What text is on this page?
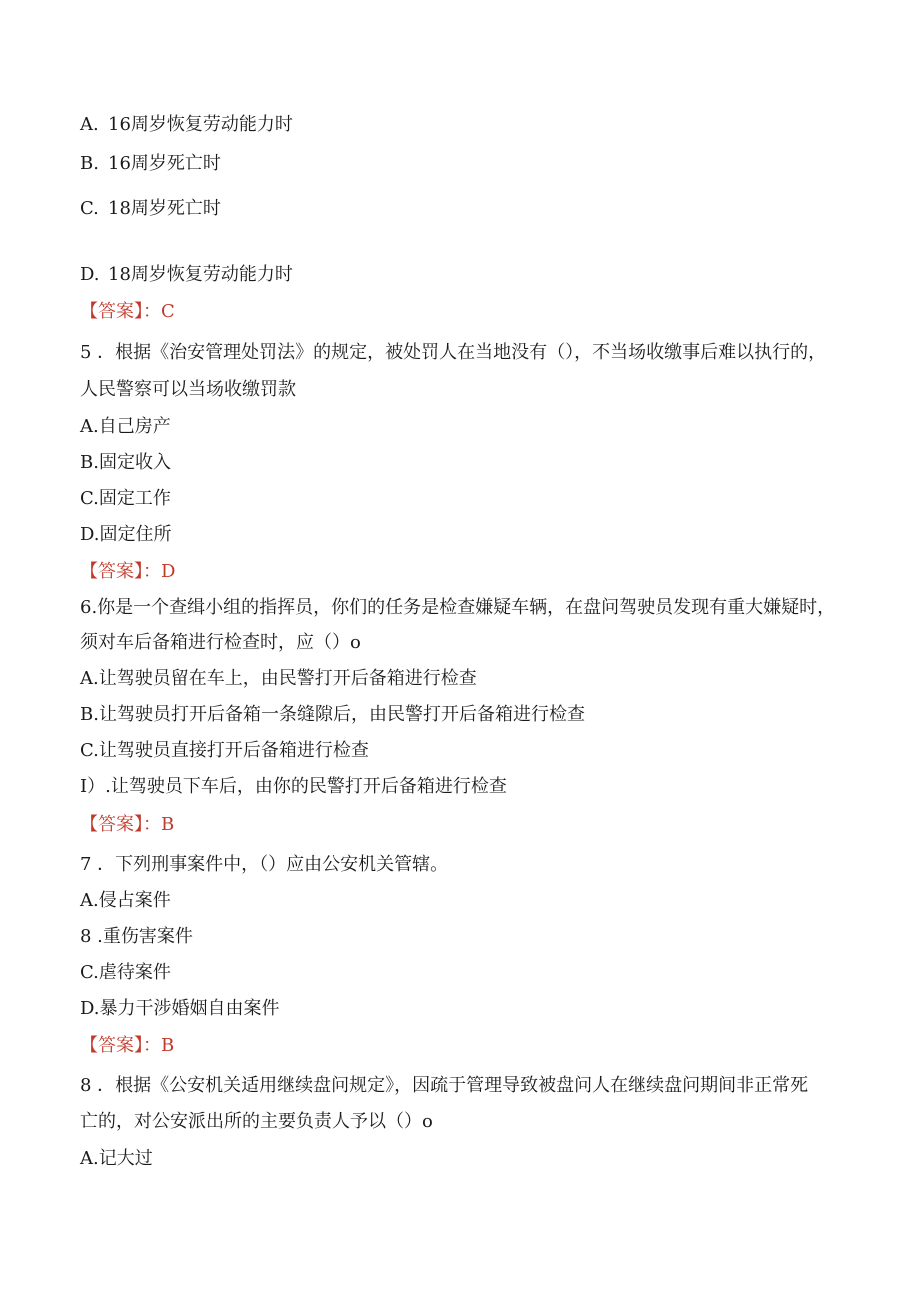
A. 16周岁恢复劳动能力时
B. 16周岁死亡时
C. 18周岁死亡时
D. 18周岁恢复劳动能力时
【答案】：C
5 ．根据《治安管理处罚法》的规定，被处罚人在当地没有（），不当场收缴事后难以执行的，
人民警察可以当场收缴罚款
A.自己房产
B.固定收入
C.固定工作
D.固定住所
【答案】：D
6.你是一个查缉小组的指挥员，你们的任务是检查嫌疑车辆，在盘问驾驶员发现有重大嫌疑时，
须对车后备箱进行检查时，应（）o
A.让驾驶员留在车上，由民警打开后备箱进行检查
B.让驾驶员打开后备箱一条缝隙后，由民警打开后备箱进行检查
C.让驾驶员直接打开后备箱进行检查
I）.让驾驶员下车后，由你的民警打开后备箱进行检查
【答案】：B
7 ．下列刑事案件中，（）应由公安机关管辖。
A.侵占案件
8 .重伤害案件
C.虐待案件
D.暴力干涉婚姻自由案件
【答案】：B
8 ．根据《公安机关适用继续盘问规定》，因疏于管理导致被盘问人在继续盘问期间非正常死
亡的，对公安派出所的主要负责人予以（）o
A.记大过
